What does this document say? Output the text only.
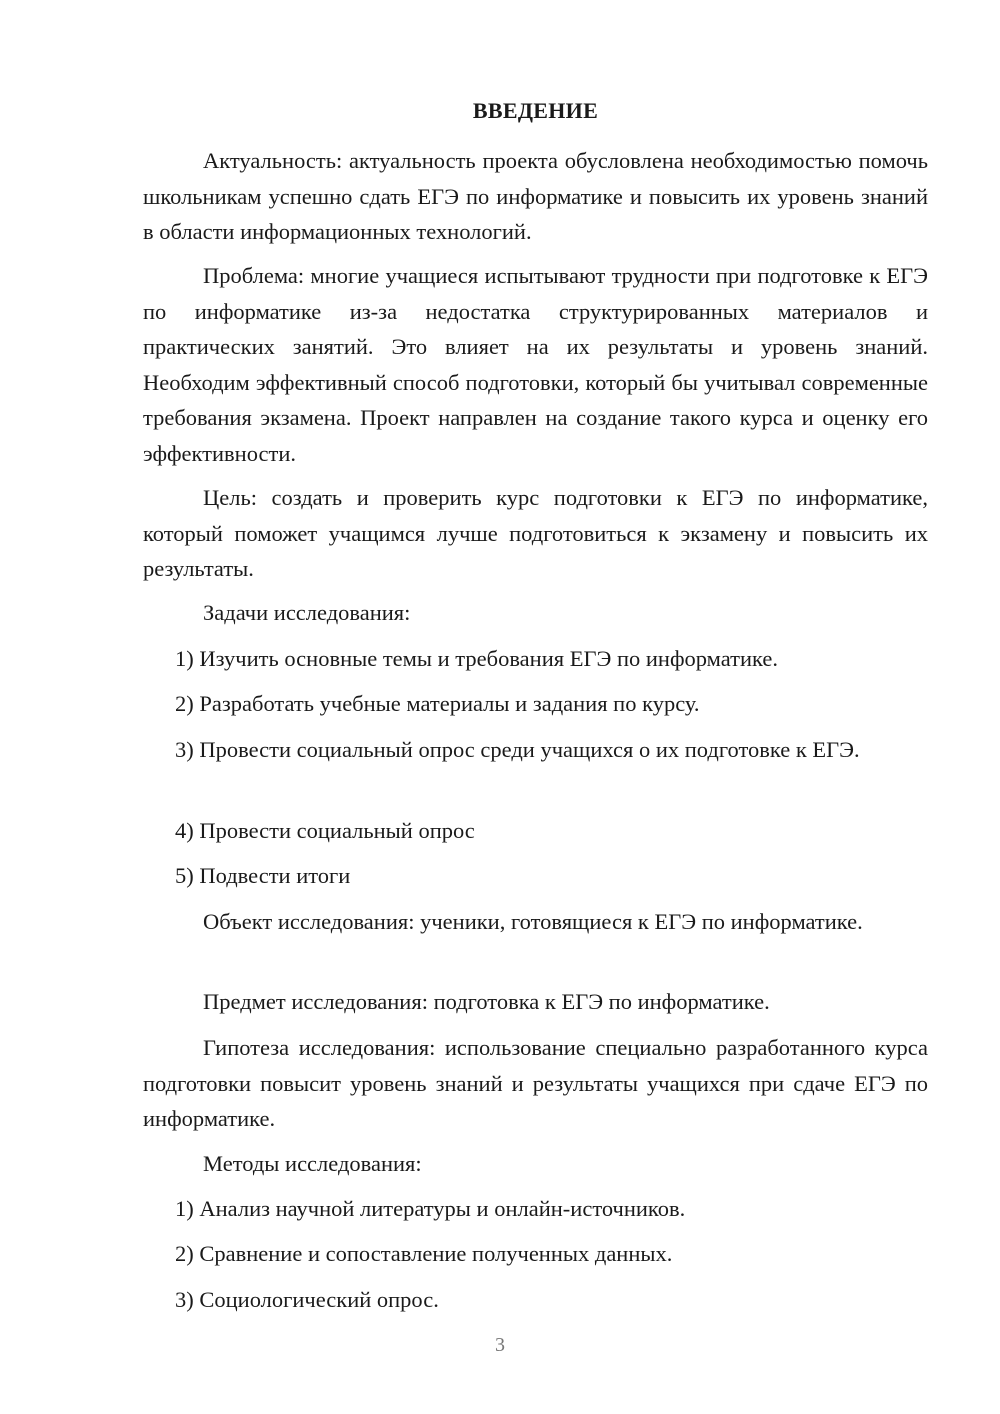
ВВЕДЕНИЕ

Актуальность: актуальность проекта обусловлена необходимостью помочь школьникам успешно сдать ЕГЭ по информатике и повысить их уровень знаний в области информационных технологий.

Проблема: многие учащиеся испытывают трудности при подготовке к ЕГЭ по информатике из-за недостатка структурированных материалов и практических занятий. Это влияет на их результаты и уровень знаний. Необходим эффективный способ подготовки, который бы учитывал современные требования экзамена. Проект направлен на создание такого курса и оценку его эффективности.

Цель: создать и проверить курс подготовки к ЕГЭ по информатике, который поможет учащимся лучше подготовиться к экзамену и повысить их результаты.

Задачи исследования:

1) Изучить основные темы и требования ЕГЭ по информатике.

2) Разработать учебные материалы и задания по курсу.

3) Провести социальный опрос среди учащихся о их подготовке к ЕГЭ.

4) Провести социальный опрос

5) Подвести итоги

Объект исследования: ученики, готовящиеся к ЕГЭ по информатике.

Предмет исследования: подготовка к ЕГЭ по информатике.

Гипотеза исследования: использование специально разработанного курса подготовки повысит уровень знаний и результаты учащихся при сдаче ЕГЭ по информатике.

Методы исследования:

1) Анализ научной литературы и онлайн-источников.

2) Сравнение и сопоставление полученных данных.

3) Социологический опрос.

3
